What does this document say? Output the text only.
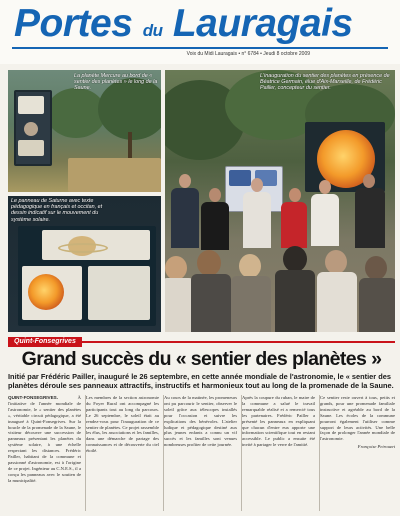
Portes du Lauragais
Voix du Midi Lauragais • n° 6784 • Jeudi 8 octobre 2009
La planète Mercure au bord de « sentier des planètes » le long de la Saune.
Le panneau de Saturne avec texte pédagogique en français et occitan, et dessin indicatif sur le mouvement du système solaire.
L'inauguration du sentier des planètes en présence de Béatrice Germain, élue d'Aix-Marseille, de Frédéric Pailler, concepteur du sentier.
Quint-Fonsegrives
Grand succès du « sentier des planètes »
Initié par Frédéric Pailler, inauguré le 26 septembre, en cette année mondiale de l'astronomie, le « sentier des planètes déroule ses panneaux attractifs, instructifs et harmonieux tout au long de la promenade de la Saune.
QUINT-FONSEGRIVES.	À l'initiative de l'année mondiale de l'astronomie, le « sentier des planètes », véritable circuit pédagogique, a été inauguré à Quint-Fonsegrives. Sur la boucle de la promenade de la Saune, le visiteur découvre une succession de panneaux présentant les planètes du système solaire, à une échelle respectant les distances. Frédéric Pailler, habitant de la commune et passionné d'astronomie, est à l'origine de ce projet. Ingénieur au C.N.E.S., il a conçu les panneaux avec le soutien de la municipalité.
Les membres de la section astronomie du Foyer Rural ont accompagné les participants tout au long du parcours. Le 26 septembre, le soleil était au rendez-vous pour l'inauguration de ce sentier de planètes. Ce projet rassemble les élus, les associations et les familles, dans une démarche de partage des connaissances et de découverte du ciel étoilé.
Au cours de la matinée, les promeneurs ont pu parcourir le sentier, observer le soleil grâce aux télescopes installés pour l'occasion et suivre les explications des bénévoles. L'atelier ludique et pédagogique destiné aux plus jeunes enfants a connu un vif succès et les familles sont venues nombreuses profiter de cette journée.
Après la coupure du ruban, le maire de la commune a salué le travail remarquable réalisé et a remercié tous les partenaires. Frédéric Pailler a présenté les panneaux en expliquant que chacun d'entre eux apporte une information scientifique tout en restant accessible. Le public a ensuite été invité à partager le verre de l'amitié.
Ce sentier reste ouvert à tous, petits et grands, pour une promenade familiale instructive et agréable au bord de la Saune. Les écoles de la commune pourront également l'utiliser comme support de leurs activités. Une belle façon de prolonger l'année mondiale de l'astronomie.
Françoise Peirouzet
